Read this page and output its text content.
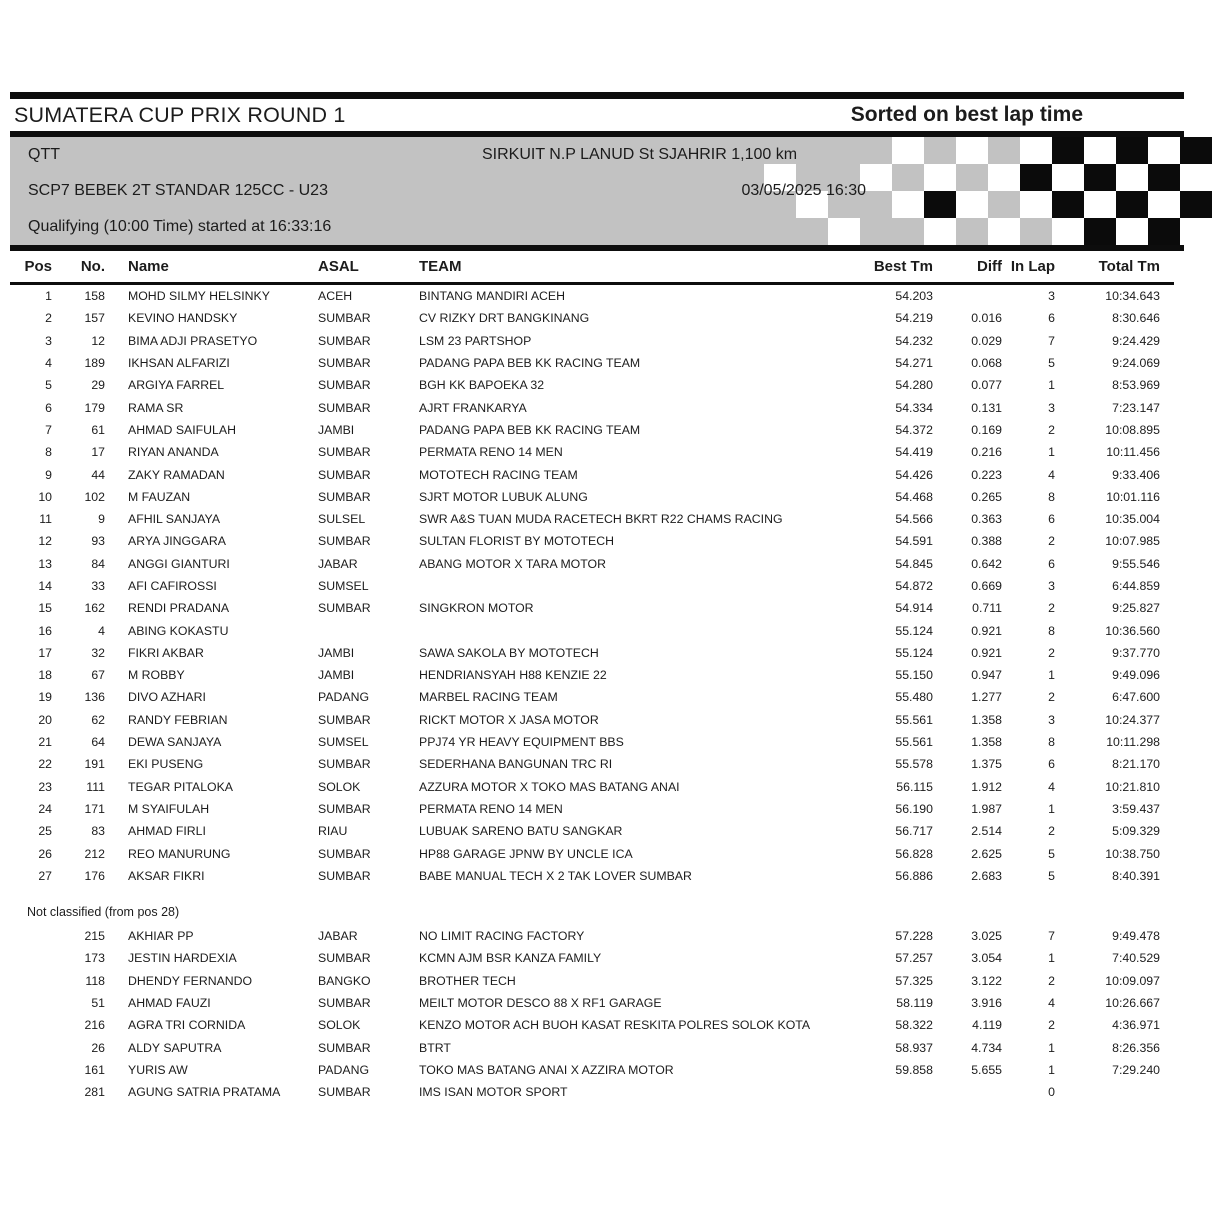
SUMATERA CUP PRIX ROUND 1	Sorted on best lap time
QTT	SIRKUIT N.P LANUD St SJAHRIR 1,100 km
SCP7 BEBEK 2T STANDAR 125CC - U23	03/05/2025 16:30
Qualifying (10:00 Time) started at 16:33:16
Pos	No.	Name	ASAL	TEAM	Best Tm	Diff	In Lap	Total Tm
1	158	MOHD SILMY HELSINKY	ACEH	BINTANG MANDIRI ACEH	54.203		3	10:34.643
2	157	KEVINO HANDSKY	SUMBAR	CV RIZKY DRT BANGKINANG	54.219	0.016	6	8:30.646
3	12	BIMA ADJI PRASETYO	SUMBAR	LSM 23 PARTSHOP	54.232	0.029	7	9:24.429
4	189	IKHSAN ALFARIZI	SUMBAR	PADANG PAPA BEB KK RACING TEAM	54.271	0.068	5	9:24.069
5	29	ARGIYA FARREL	SUMBAR	BGH KK BAPOEKA 32	54.280	0.077	1	8:53.969
6	179	RAMA SR	SUMBAR	AJRT FRANKARYA	54.334	0.131	3	7:23.147
7	61	AHMAD SAIFULAH	JAMBI	PADANG PAPA BEB KK RACING TEAM	54.372	0.169	2	10:08.895
8	17	RIYAN ANANDA	SUMBAR	PERMATA RENO 14 MEN	54.419	0.216	1	10:11.456
9	44	ZAKY RAMADAN	SUMBAR	MOTOTECH RACING TEAM	54.426	0.223	4	9:33.406
10	102	M FAUZAN	SUMBAR	SJRT MOTOR LUBUK ALUNG	54.468	0.265	8	10:01.116
11	9	AFHIL SANJAYA	SULSEL	SWR A&S TUAN MUDA RACETECH BKRT R22 CHAMS RACING	54.566	0.363	6	10:35.004
12	93	ARYA JINGGARA	SUMBAR	SULTAN FLORIST BY MOTOTECH	54.591	0.388	2	10:07.985
13	84	ANGGI GIANTURI	JABAR	ABANG MOTOR X TARA MOTOR	54.845	0.642	6	9:55.546
14	33	AFI CAFIROSSI	SUMSEL		54.872	0.669	3	6:44.859
15	162	RENDI PRADANA	SUMBAR	SINGKRON MOTOR	54.914	0.711	2	9:25.827
16	4	ABING KOKASTU			55.124	0.921	8	10:36.560
17	32	FIKRI AKBAR	JAMBI	SAWA SAKOLA BY MOTOTECH	55.124	0.921	2	9:37.770
18	67	M ROBBY	JAMBI	HENDRIANSYAH H88 KENZIE 22	55.150	0.947	1	9:49.096
19	136	DIVO AZHARI	PADANG	MARBEL RACING TEAM	55.480	1.277	2	6:47.600
20	62	RANDY FEBRIAN	SUMBAR	RICKT MOTOR X JASA MOTOR	55.561	1.358	3	10:24.377
21	64	DEWA SANJAYA	SUMSEL	PPJ74 YR HEAVY EQUIPMENT BBS	55.561	1.358	8	10:11.298
22	191	EKI PUSENG	SUMBAR	SEDERHANA BANGUNAN TRC RI	55.578	1.375	6	8:21.170
23	111	TEGAR PITALOKA	SOLOK	AZZURA MOTOR X TOKO MAS BATANG ANAI	56.115	1.912	4	10:21.810
24	171	M SYAIFULAH	SUMBAR	PERMATA RENO 14 MEN	56.190	1.987	1	3:59.437
25	83	AHMAD FIRLI	RIAU	LUBUAK SARENO BATU SANGKAR	56.717	2.514	2	5:09.329
26	212	REO MANURUNG	SUMBAR	HP88 GARAGE JPNW BY UNCLE ICA	56.828	2.625	5	10:38.750
27	176	AKSAR FIKRI	SUMBAR	BABE MANUAL TECH X 2 TAK LOVER SUMBAR	56.886	2.683	5	8:40.391
Not classified (from pos 28)
	215	AKHIAR PP	JABAR	NO LIMIT RACING FACTORY	57.228	3.025	7	9:49.478
	173	JESTIN HARDEXIA	SUMBAR	KCMN AJM BSR KANZA FAMILY	57.257	3.054	1	7:40.529
	118	DHENDY FERNANDO	BANGKO	BROTHER TECH	57.325	3.122	2	10:09.097
	51	AHMAD FAUZI	SUMBAR	MEILT MOTOR DESCO 88 X RF1 GARAGE	58.119	3.916	4	10:26.667
	216	AGRA TRI CORNIDA	SOLOK	KENZO MOTOR ACH BUOH KASAT RESKITA POLRES SOLOK KOTA	58.322	4.119	2	4:36.971
	26	ALDY SAPUTRA	SUMBAR	BTRT	58.937	4.734	1	8:26.356
	161	YURIS AW	PADANG	TOKO MAS BATANG ANAI X AZZIRA MOTOR	59.858	5.655	1	7:29.240
	281	AGUNG SATRIA PRATAMA	SUMBAR	IMS ISAN MOTOR SPORT			0	
